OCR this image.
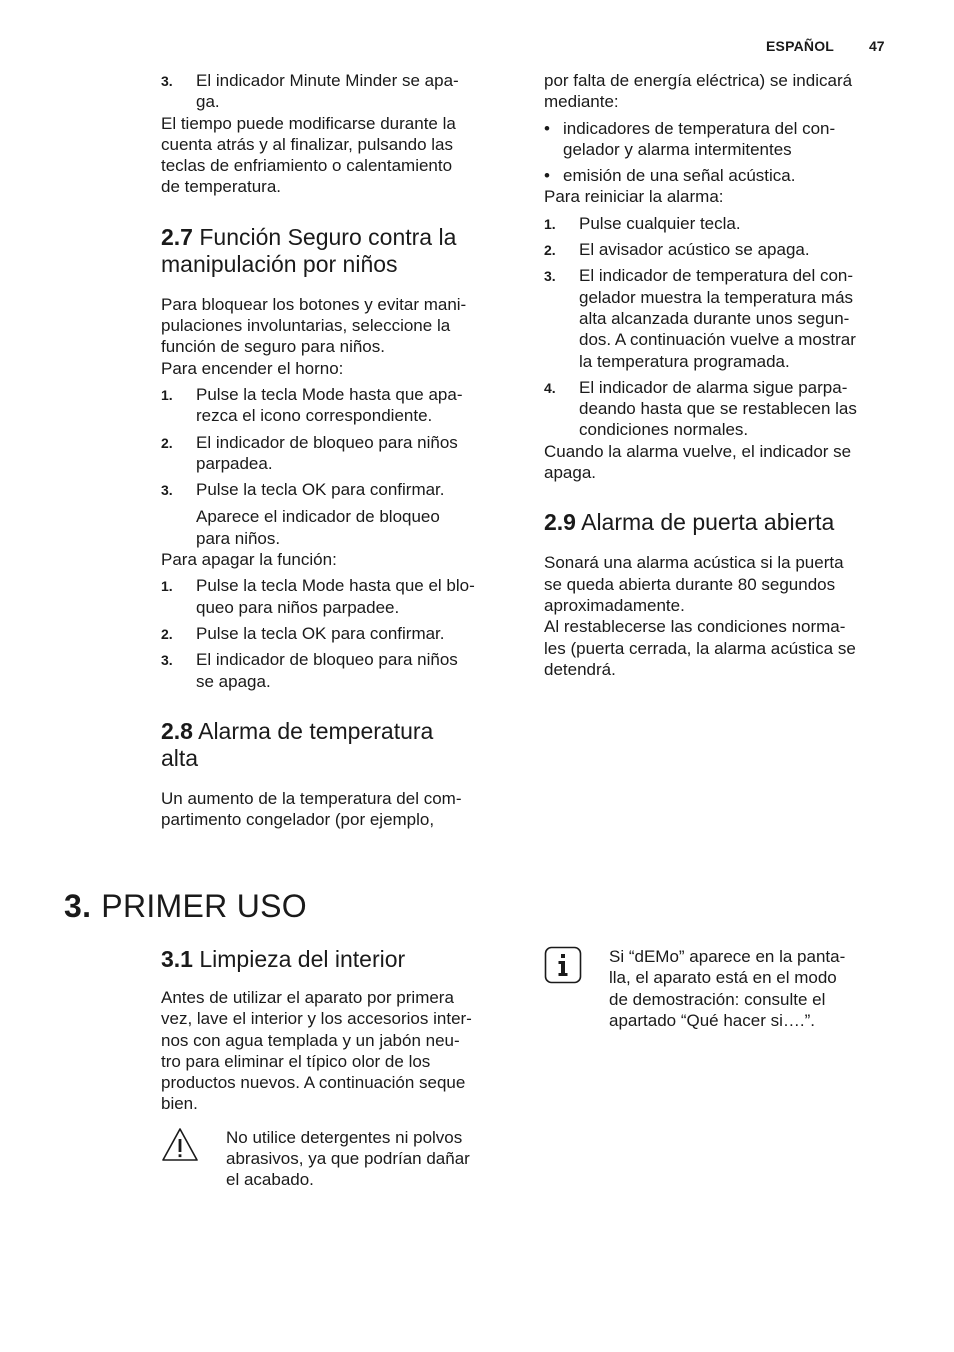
ESPAÑOL 47
3. El indicador Minute Minder se apa-
ga.

El tiempo puede modificarse durante la
cuenta atrás y al finalizar, pulsando las
teclas de enfriamiento o calentamiento
de temperatura.

2.7 Función Seguro contra la
manipulación por niños

Para bloquear los botones y evitar mani-
pulaciones involuntarias, seleccione la
función de seguro para niños.

Para encender el horno:

1. Pulse la tecla Mode hasta que apa-
rezca el icono correspondiente.
2. El indicador de bloqueo para niños
parpadea.
3. Pulse la tecla OK para confirmar.

Aparece el indicador de bloqueo
para niños.

Para apagar la función:

1. Pulse la tecla Mode hasta que el blo-
queo para niños parpadee.
2. Pulse la tecla OK para confirmar.
3. El indicador de bloqueo para niños
se apaga.
2.8 Alarma de temperatura
alta

Un aumento de la temperatura del com-
partimento congelador (por ejemplo,

por falta de energía eléctrica) se indicará
mediante:

• indicadores de temperatura del con-
gelador y alarma intermitentes
• emisión de una señal acústica.

Para reiniciar la alarma:

1. Pulse cualquier tecla.
2. El avisador acústico se apaga.
3. El indicador de temperatura del con-
gelador muestra la temperatura más
alta alcanzada durante unos segun-
dos. A continuación vuelve a mostrar
la temperatura programada.
4. El indicador de alarma sigue parpa-
deando hasta que se restablecen las
condiciones normales.

Cuando la alarma vuelve, el indicador se
apaga.

2.9 Alarma de puerta abierta

Sonará una alarma acústica si la puerta
se queda abierta durante 80 segundos
aproximadamente.

Al restablecerse las condiciones norma-
les (puerta cerrada, la alarma acústica se
detendrá.

3. PRIMER USO
3.1 Limpieza del interior

Antes de utilizar el aparato por primera
vez, lave el interior y los accesorios inter-
nos con agua templada y un jabón neu-
tro para eliminar el típico olor de los
productos nuevos. A continuación seque
bien.

No utilice detergentes ni polvos
abrasivos, ya que podrían dañar
el acabado.

Si “dEMo” aparece en la panta-
lla, el aparato está en el modo
de demostración: consulte el
apartado “Qué hacer si….”.
